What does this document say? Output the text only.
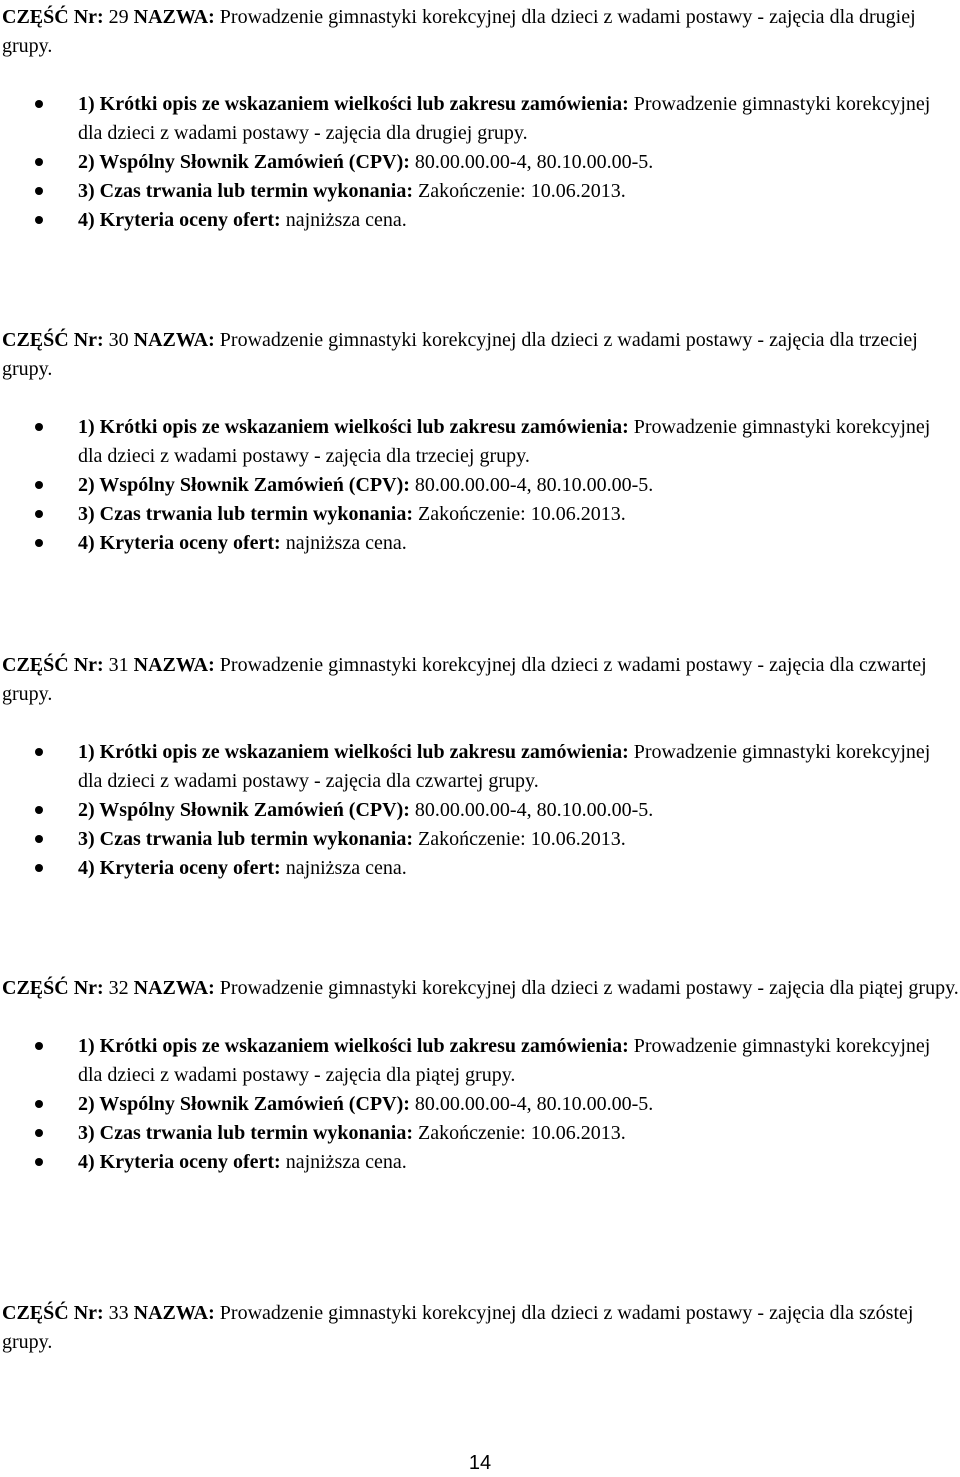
CZĘŚĆ Nr: 29 NAZWA: Prowadzenie gimnastyki korekcyjnej dla dzieci z wadami postawy - zajęcia dla drugiej grupy.

1) Krótki opis ze wskazaniem wielkości lub zakresu zamówienia: Prowadzenie gimnastyki korekcyjnej dla dzieci z wadami postawy - zajęcia dla drugiej grupy.
2) Wspólny Słownik Zamówień (CPV): 80.00.00.00-4, 80.10.00.00-5.
3) Czas trwania lub termin wykonania: Zakończenie: 10.06.2013.
4) Kryteria oceny ofert: najniższa cena.

CZĘŚĆ Nr: 30 NAZWA: Prowadzenie gimnastyki korekcyjnej dla dzieci z wadami postawy - zajęcia dla trzeciej grupy.

1) Krótki opis ze wskazaniem wielkości lub zakresu zamówienia: Prowadzenie gimnastyki korekcyjnej dla dzieci z wadami postawy - zajęcia dla trzeciej grupy.
2) Wspólny Słownik Zamówień (CPV): 80.00.00.00-4, 80.10.00.00-5.
3) Czas trwania lub termin wykonania: Zakończenie: 10.06.2013.
4) Kryteria oceny ofert: najniższa cena.

CZĘŚĆ Nr: 31 NAZWA: Prowadzenie gimnastyki korekcyjnej dla dzieci z wadami postawy - zajęcia dla czwartej grupy.

1) Krótki opis ze wskazaniem wielkości lub zakresu zamówienia: Prowadzenie gimnastyki korekcyjnej dla dzieci z wadami postawy - zajęcia dla czwartej grupy.
2) Wspólny Słownik Zamówień (CPV): 80.00.00.00-4, 80.10.00.00-5.
3) Czas trwania lub termin wykonania: Zakończenie: 10.06.2013.
4) Kryteria oceny ofert: najniższa cena.

CZĘŚĆ Nr: 32 NAZWA: Prowadzenie gimnastyki korekcyjnej dla dzieci z wadami postawy - zajęcia dla piątej grupy.

1) Krótki opis ze wskazaniem wielkości lub zakresu zamówienia: Prowadzenie gimnastyki korekcyjnej dla dzieci z wadami postawy - zajęcia dla piątej grupy.
2) Wspólny Słownik Zamówień (CPV): 80.00.00.00-4, 80.10.00.00-5.
3) Czas trwania lub termin wykonania: Zakończenie: 10.06.2013.
4) Kryteria oceny ofert: najniższa cena.

CZĘŚĆ Nr: 33 NAZWA: Prowadzenie gimnastyki korekcyjnej dla dzieci z wadami postawy - zajęcia dla szóstej grupy.

14
